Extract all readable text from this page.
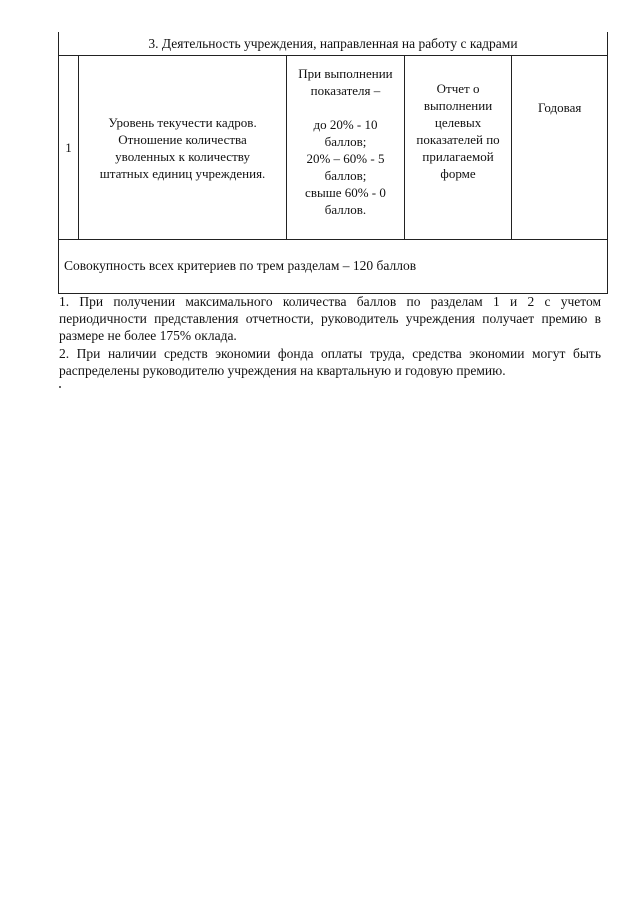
3. Деятельность учреждения, направленная на работу с кадрами
1
Уровень текучести кадров.
Отношение количества
уволенных к количеству
штатных единиц учреждения.
При выполнении
показателя –

до 20% - 10
баллов;
20% – 60% - 5
баллов;
свыше 60% - 0
баллов.
Отчет о
выполнении
целевых
показателей по
прилагаемой
форме
Годовая
Совокупность всех критериев по трем разделам – 120 баллов

1. При получении максимального количества баллов по разделам 1 и 2 с учетом периодичности представления отчетности, руководитель учреждения получает премию в размере не более 175% оклада.

2. При наличии средств экономии фонда оплаты труда, средства экономии могут быть распределены руководителю учреждения на квартальную и годовую премию.
